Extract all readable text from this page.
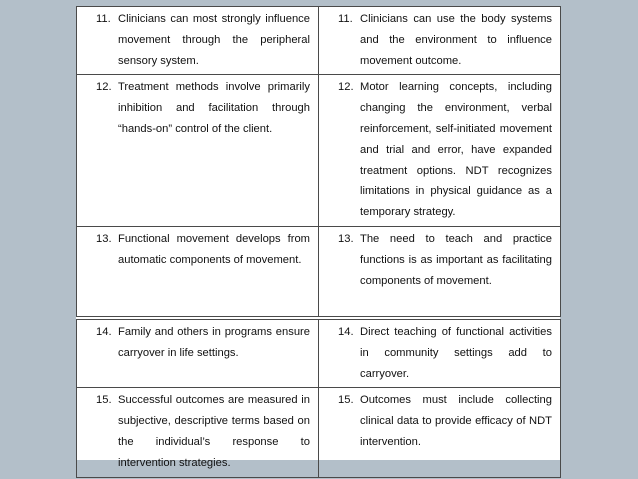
11. Clinicians can most strongly influence movement through the peripheral sensory system.	11. Clinicians can use the body systems and the environment to influence movement outcome.

12. Treatment methods involve primarily inhibition and facilitation through “hands-on” control of the client.	12. Motor learning concepts, including changing the environment, verbal reinforcement, self-initiated movement and trial and error, have expanded treatment options. NDT recognizes limitations in physical guidance as a temporary strategy.

13. Functional movement develops from automatic components of movement.	13. The need to teach and practice functions is as important as facilitating components of movement.

14. Family and others in programs ensure carryover in life settings.	14. Direct teaching of functional activities in community settings add to carryover.

15. Successful outcomes are measured in subjective, descriptive terms based on the individual’s response to intervention strategies.	15. Outcomes must include collecting clinical data to provide efficacy of NDT intervention.
